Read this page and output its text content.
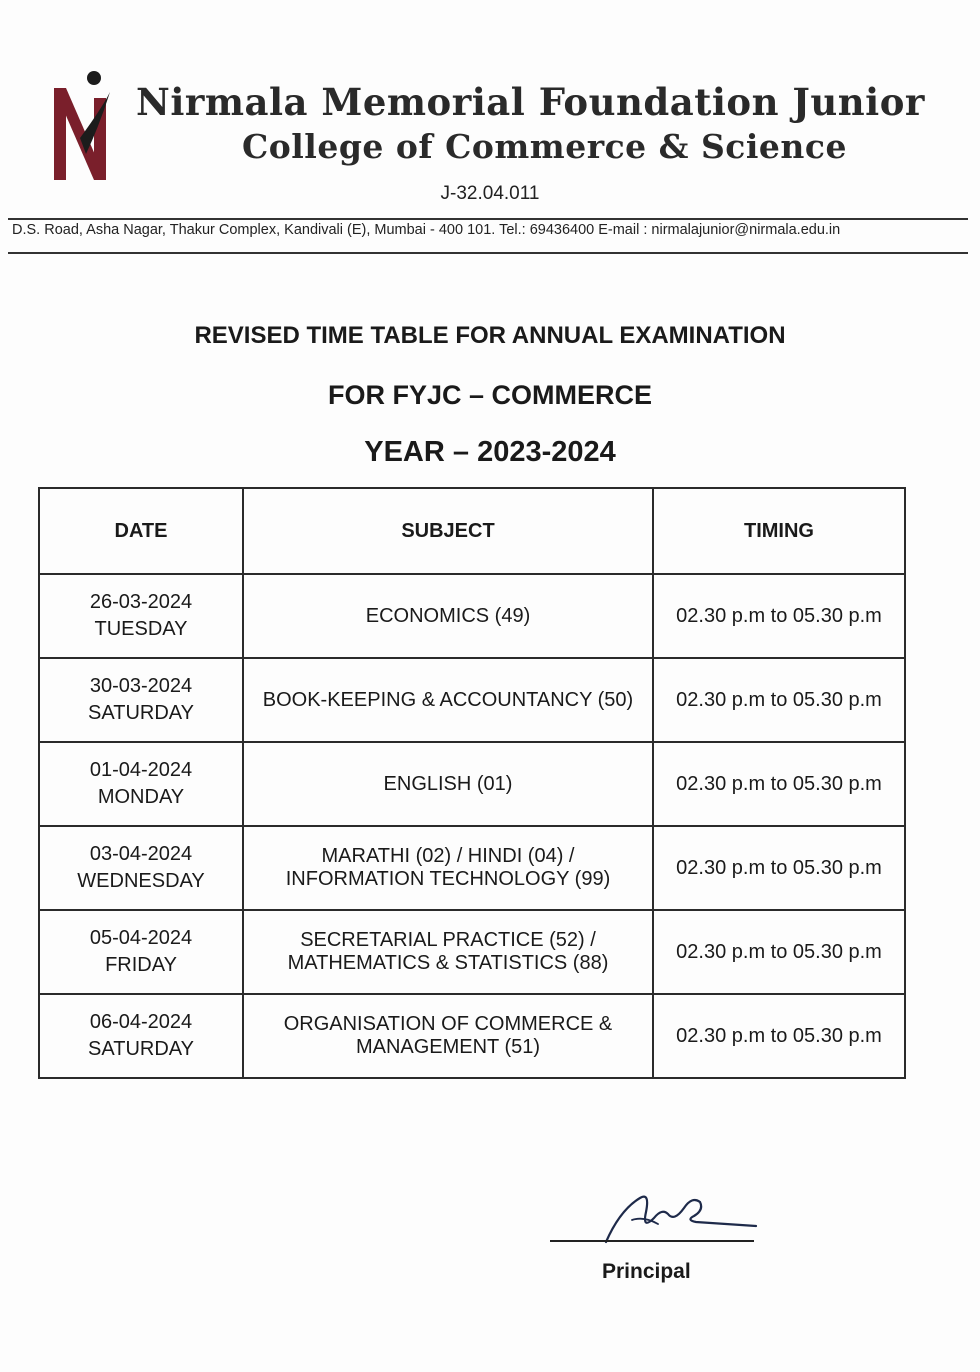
Nirmala Memorial Foundation Junior
College of Commerce & Science
J-32.04.011
D.S. Road, Asha Nagar, Thakur Complex, Kandivali (E), Mumbai - 400 101. Tel.: 69436400 E-mail : nirmalajunior@nirmala.edu.in
REVISED TIME TABLE FOR ANNUAL EXAMINATION
FOR FYJC – COMMERCE
YEAR – 2023-2024
DATE	SUBJECT	TIMING
26-03-2024
TUESDAY	ECONOMICS (49)	02.30 p.m to 05.30 p.m
30-03-2024
SATURDAY	BOOK-KEEPING & ACCOUNTANCY (50)	02.30 p.m to 05.30 p.m
01-04-2024
MONDAY	ENGLISH (01)	02.30 p.m to 05.30 p.m
03-04-2024
WEDNESDAY	MARATHI (02) / HINDI (04) / INFORMATION TECHNOLOGY (99)	02.30 p.m to 05.30 p.m
05-04-2024
FRIDAY	SECRETARIAL PRACTICE (52) / MATHEMATICS & STATISTICS (88)	02.30 p.m to 05.30 p.m
06-04-2024
SATURDAY	ORGANISATION OF COMMERCE & MANAGEMENT (51)	02.30 p.m to 05.30 p.m
Principal
